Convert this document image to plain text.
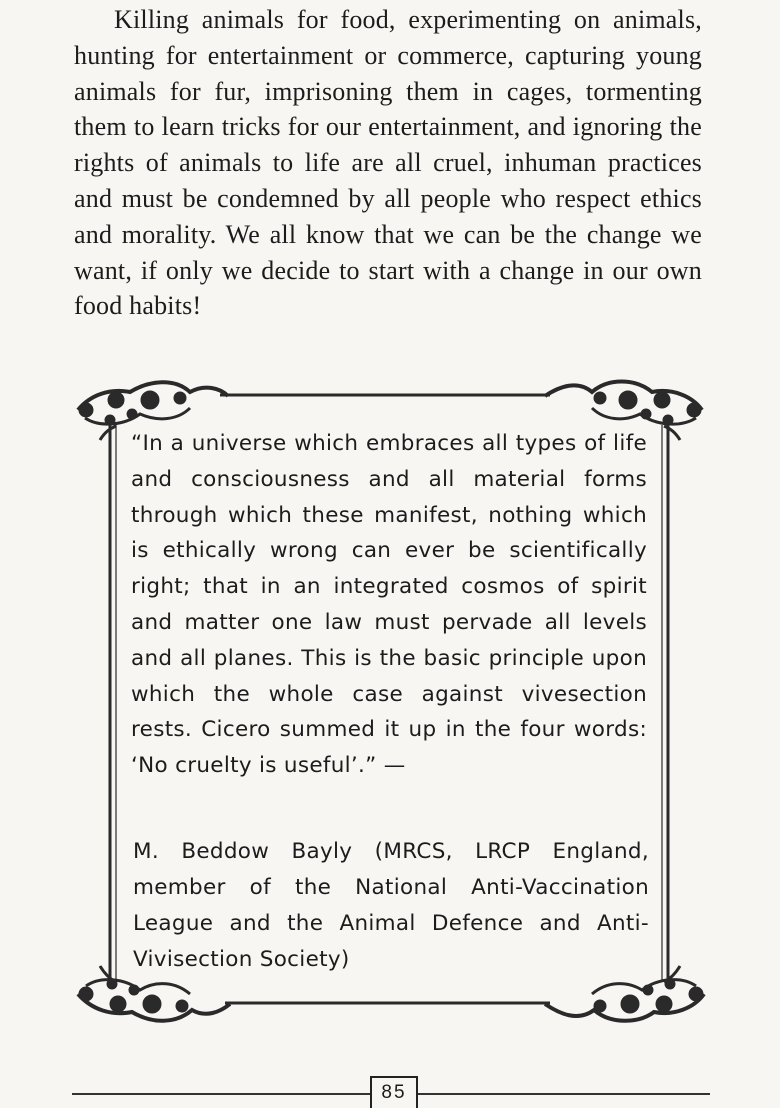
Killing animals for food, experimenting on animals, hunting for entertainment or commerce, capturing young animals for fur, imprisoning them in cages, tormenting them to learn tricks for our entertainment, and ignoring the rights of animals to life are all cruel, inhuman practices and must be condemned by all people who respect ethics and morality. We all know that we can be the change we want, if only we decide to start with a change in our own food habits!

“In a universe which embraces all types of life and consciousness and all material forms through which these manifest, nothing which is ethically wrong can ever be scientifically right; that in an integrated cosmos of spirit and matter one law must pervade all levels and all planes. This is the basic principle upon which the whole case against vivesection rests. Cicero summed it up in the four words: ‘No cruelty is useful’.” —

M. Beddow Bayly (MRCS, LRCP England, member of the National Anti-Vaccination League and the Animal Defence and Anti-Vivisection Society)

85
